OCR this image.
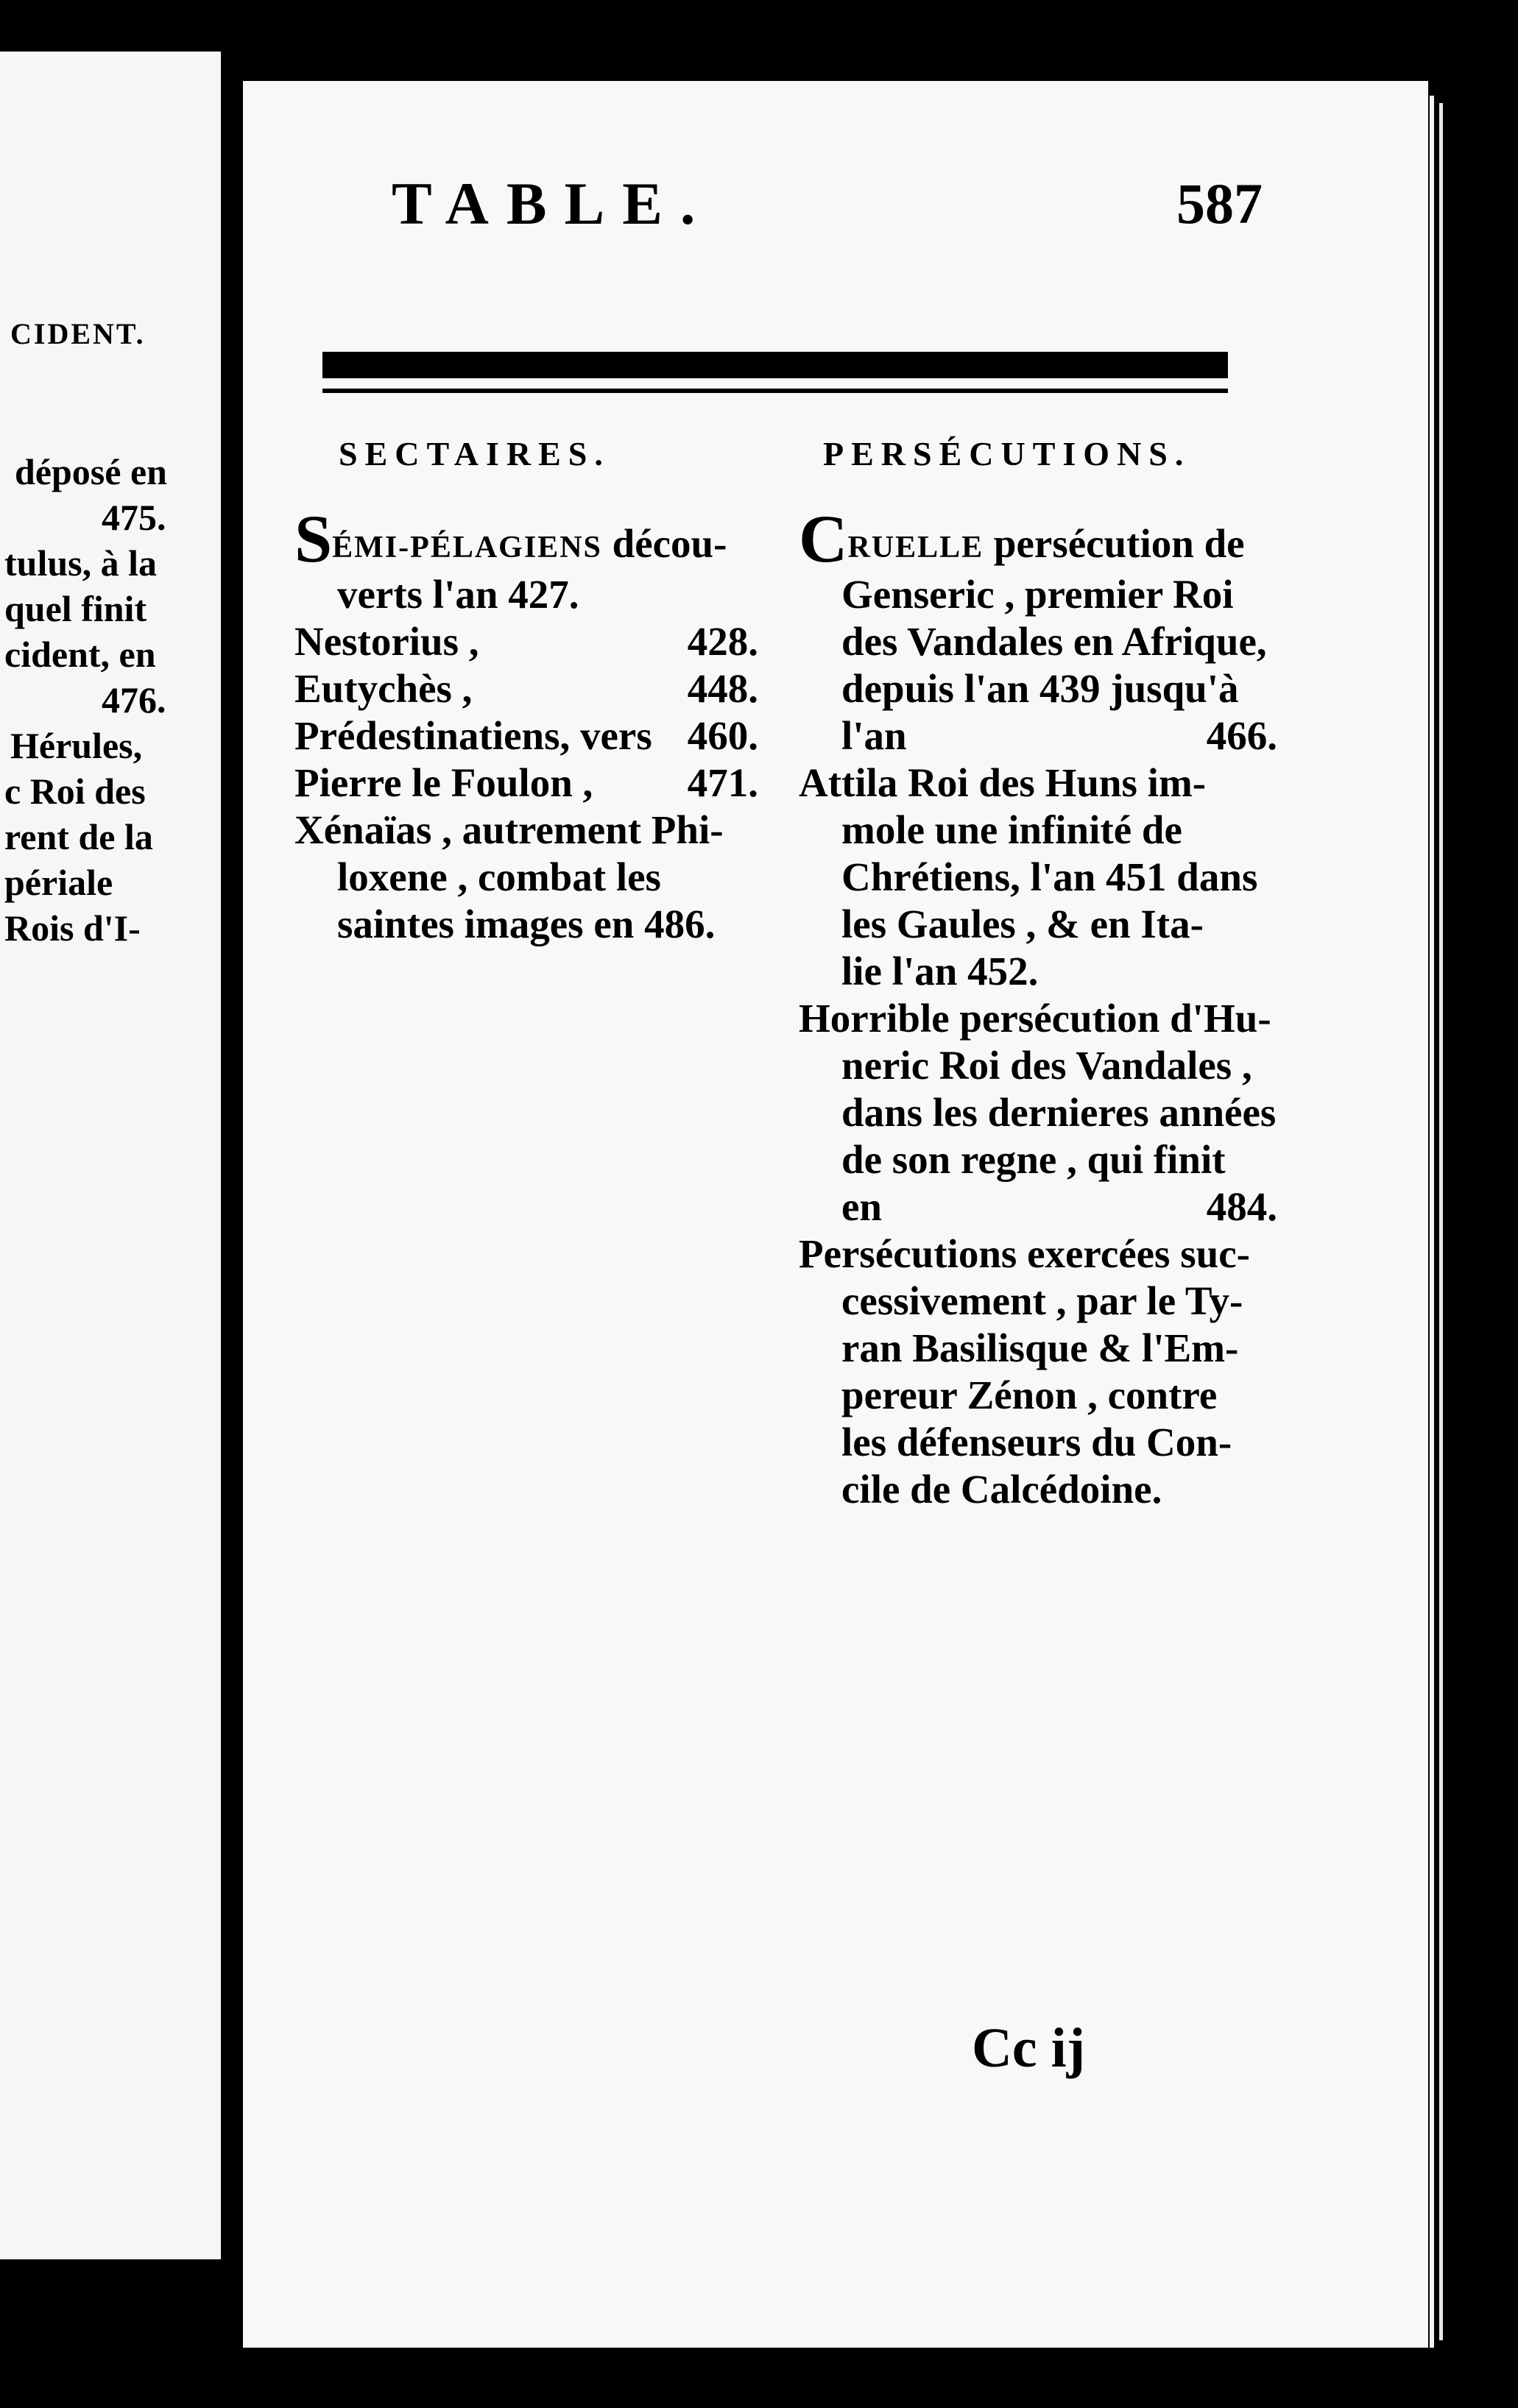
CIDENT.
déposé en
475.
tulus, à la
quel finit
cident, en
476.
Hérules,
c Roi des
rent de la
périale
Rois d'I-
TABLE.	587
SECTAIRES.	PERSÉCUTIONS.
SÉMI-PÉLAGIENS décou-
verts l'an 427.
Nestorius ,	428.
Eutychès ,	448.
Prédestinatiens, vers 460.
Pierre le Foulon , 471.
Xénaïas , autrement Phi-
loxene , combat les
saintes images en 486.
CRUELLE persécution de
Genseric , premier Roi
des Vandales en Afrique,
depuis l'an 439 jusqu'à
l'an	466.
Attila Roi des Huns im-
mole une infinité de
Chrétiens, l'an 451 dans
les Gaules , & en Ita-
lie l'an 452.
Horrible persécution d'Hu-
neric Roi des Vandales ,
dans les dernieres années
de son regne , qui finit
en	484.
Persécutions exercées suc-
cessivement , par le Ty-
ran Basilisque & l'Em-
pereur Zénon , contre
les défenseurs du Con-
cile de Calcédoine.
Cc ij
